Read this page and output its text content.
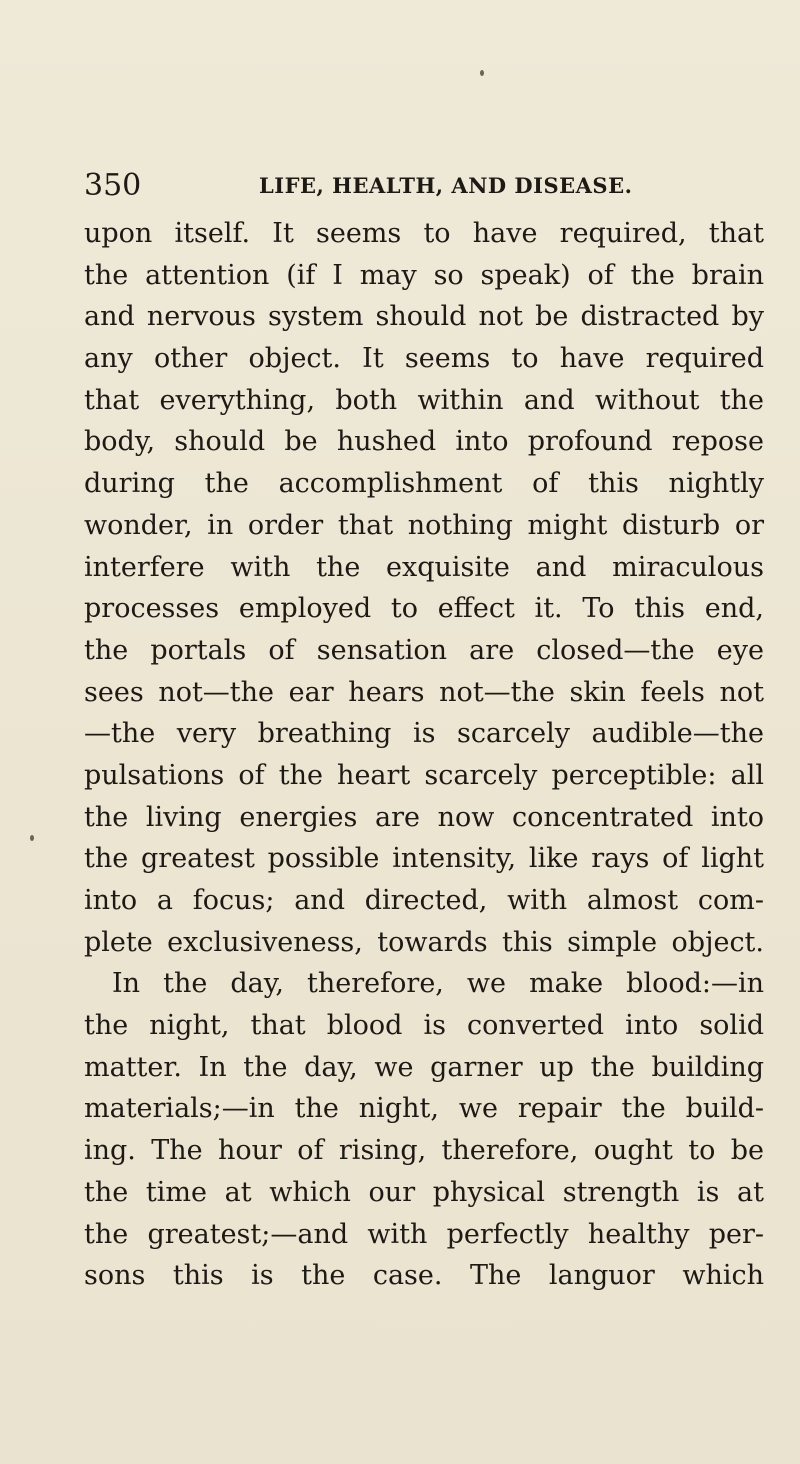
350	LIFE, HEALTH, AND DISEASE.
upon itself. It seems to have required, that
the attention (if I may so speak) of the brain
and nervous system should not be distracted by
any other object. It seems to have required
that everything, both within and without the
body, should be hushed into profound repose
during the accomplishment of this nightly
wonder, in order that nothing might disturb or
interfere with the exquisite and miraculous
processes employed to effect it. To this end,
the portals of sensation are closed—the eye
sees not—the ear hears not—the skin feels not
—the very breathing is scarcely audible—the
pulsations of the heart scarcely perceptible: all
the living energies are now concentrated into
the greatest possible intensity, like rays of light
into a focus; and directed, with almost com-
plete exclusiveness, towards this simple object.
In the day, therefore, we make blood:—in
the night, that blood is converted into solid
matter. In the day, we garner up the building
materials;—in the night, we repair the build-
ing. The hour of rising, therefore, ought to be
the time at which our physical strength is at
the greatest;—and with perfectly healthy per-
sons this is the case. The languor which
